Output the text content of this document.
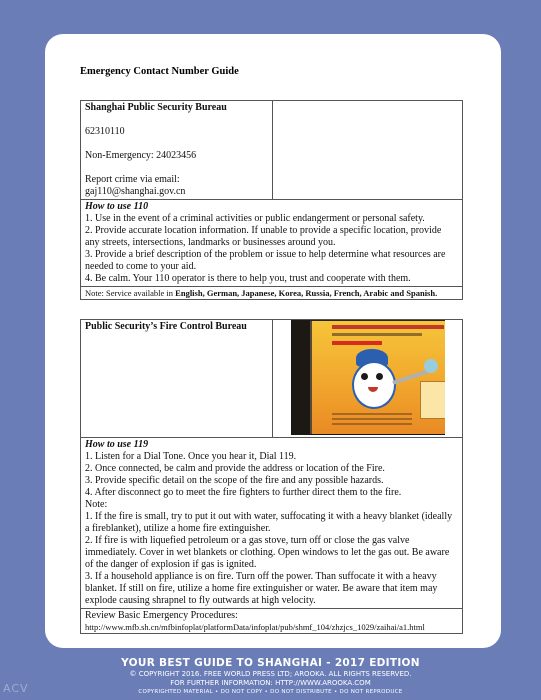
Emergency Contact Number Guide
Shanghai Public Security Bureau
62310110
Non-Emergency: 24023456
Report crime via email:
gaj110@shanghai.gov.cn

How to use 110

1. Use in the event of a criminal activities or public endangerment or personal safety.

2. Provide accurate location information. If unable to provide a specific location, provide any streets, intersections, landmarks or businesses around you.

3. Provide a brief description of the problem or issue to help determine what resources are needed to come to your aid.

4. Be calm. Your 110 operator is there to help you, trust and cooperate with them.

Note: Service available in English, German, Japanese, Korea, Russia, French, Arabic and Spanish.
Public Security’s Fire Control Bureau

How to use 119

1. Listen for a Dial Tone. Once you hear it, Dial 119.

2. Once connected, be calm and provide the address or location of the Fire.

3. Provide specific detail on the scope of the fire and any possible hazards.

4. After disconnect go to meet the fire fighters to further direct them to the fire.

Note:

1. If the fire is small, try to put it out with water, suffocating it with a heavy blanket (ideally a fireblanket), utilize a home fire extinguisher.

2. If fire is with liquefied petroleum or a gas stove, turn off or close the gas valve immediately. Cover in wet blankets or clothing. Open windows to let the gas out. Be aware of the danger of explosion if gas is ignited.

3. If a household appliance is on fire. Turn off the power. Than suffocate it with a heavy blanket. If still on fire, utilize a home fire extinguisher or water. Be aware that item may explode causing shrapnel to fly outwards at high velocity.

Review Basic Emergency Procedures:
http://www.mfb.sh.cn/mfbinfoplat/platformData/infoplat/pub/shmf_104/zhzjcs_1029/zaihai/a1.html
YOUR BEST GUIDE TO SHANGHAI - 2017 EDITION
© COPYRIGHT 2016. FREE WORLD PRESS LTD; AROOKA. ALL RIGHTS RESERVED.
FOR FURTHER INFORMATION: HTTP://WWW.AROOKA.COM
COPYRIGHTED MATERIAL • DO NOT COPY • DO NOT DISTRIBUTE • DO NOT REPRODUCE
ACV
